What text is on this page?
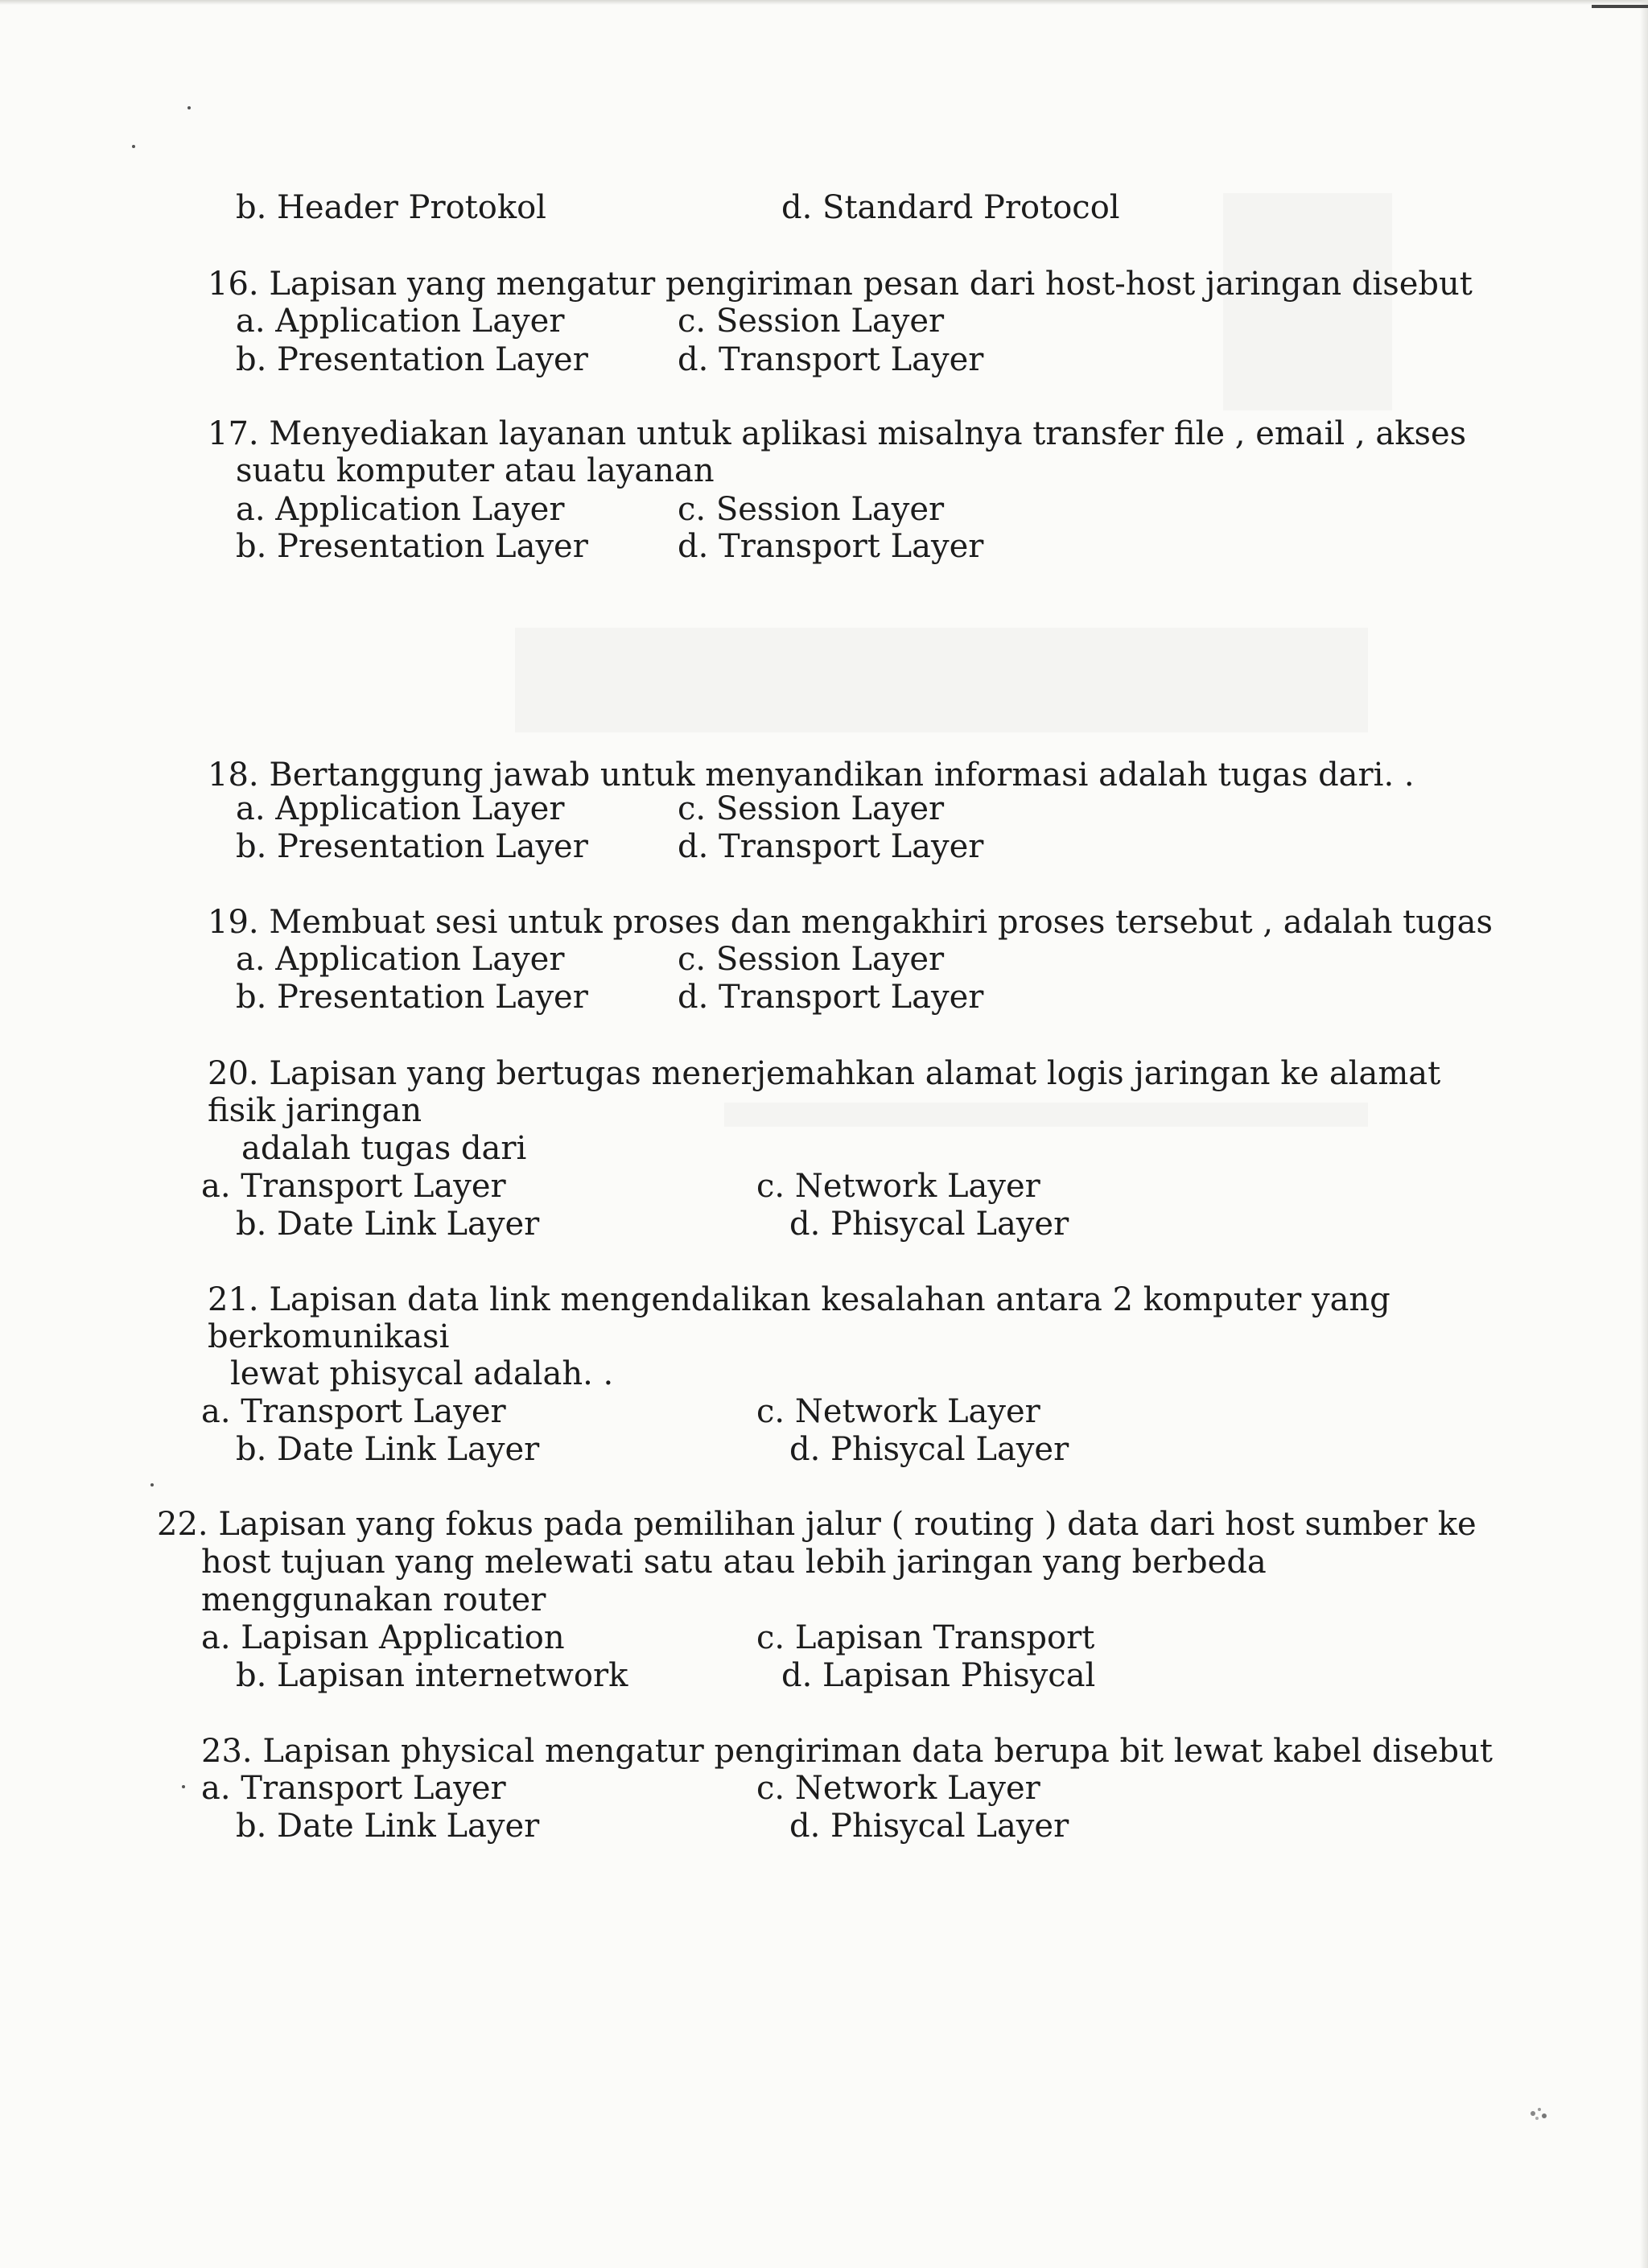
b. Header Protokol	d. Standard Protocol
16. Lapisan yang mengatur pengiriman pesan dari host-host jaringan disebut
a. Application Layer	c. Session Layer
b. Presentation Layer	d. Transport Layer
17. Menyediakan layanan untuk aplikasi misalnya transfer file , email , akses
suatu komputer atau layanan
a. Application Layer	c. Session Layer
b. Presentation Layer	d. Transport Layer
18. Bertanggung jawab untuk menyandikan informasi adalah tugas dari. .
a. Application Layer	c. Session Layer
b. Presentation Layer	d. Transport Layer
19. Membuat sesi untuk proses dan mengakhiri proses tersebut , adalah tugas
a. Application Layer	c. Session Layer
b. Presentation Layer	d. Transport Layer
20. Lapisan yang bertugas menerjemahkan alamat logis jaringan ke alamat
fisik jaringan
adalah tugas dari
a. Transport Layer	c. Network Layer
b. Date Link Layer	d. Phisycal Layer
21. Lapisan data link mengendalikan kesalahan antara 2 komputer yang
berkomunikasi
lewat phisycal adalah. .
a. Transport Layer	c. Network Layer
b. Date Link Layer	d. Phisycal Layer
22. Lapisan yang fokus pada pemilihan jalur ( routing ) data dari host sumber ke
host tujuan yang melewati satu atau lebih jaringan yang berbeda
menggunakan router
a. Lapisan Application	c. Lapisan Transport
b. Lapisan internetwork	d. Lapisan Phisycal
23. Lapisan physical mengatur pengiriman data berupa bit lewat kabel disebut
a. Transport Layer	c. Network Layer
b. Date Link Layer	d. Phisycal Layer
